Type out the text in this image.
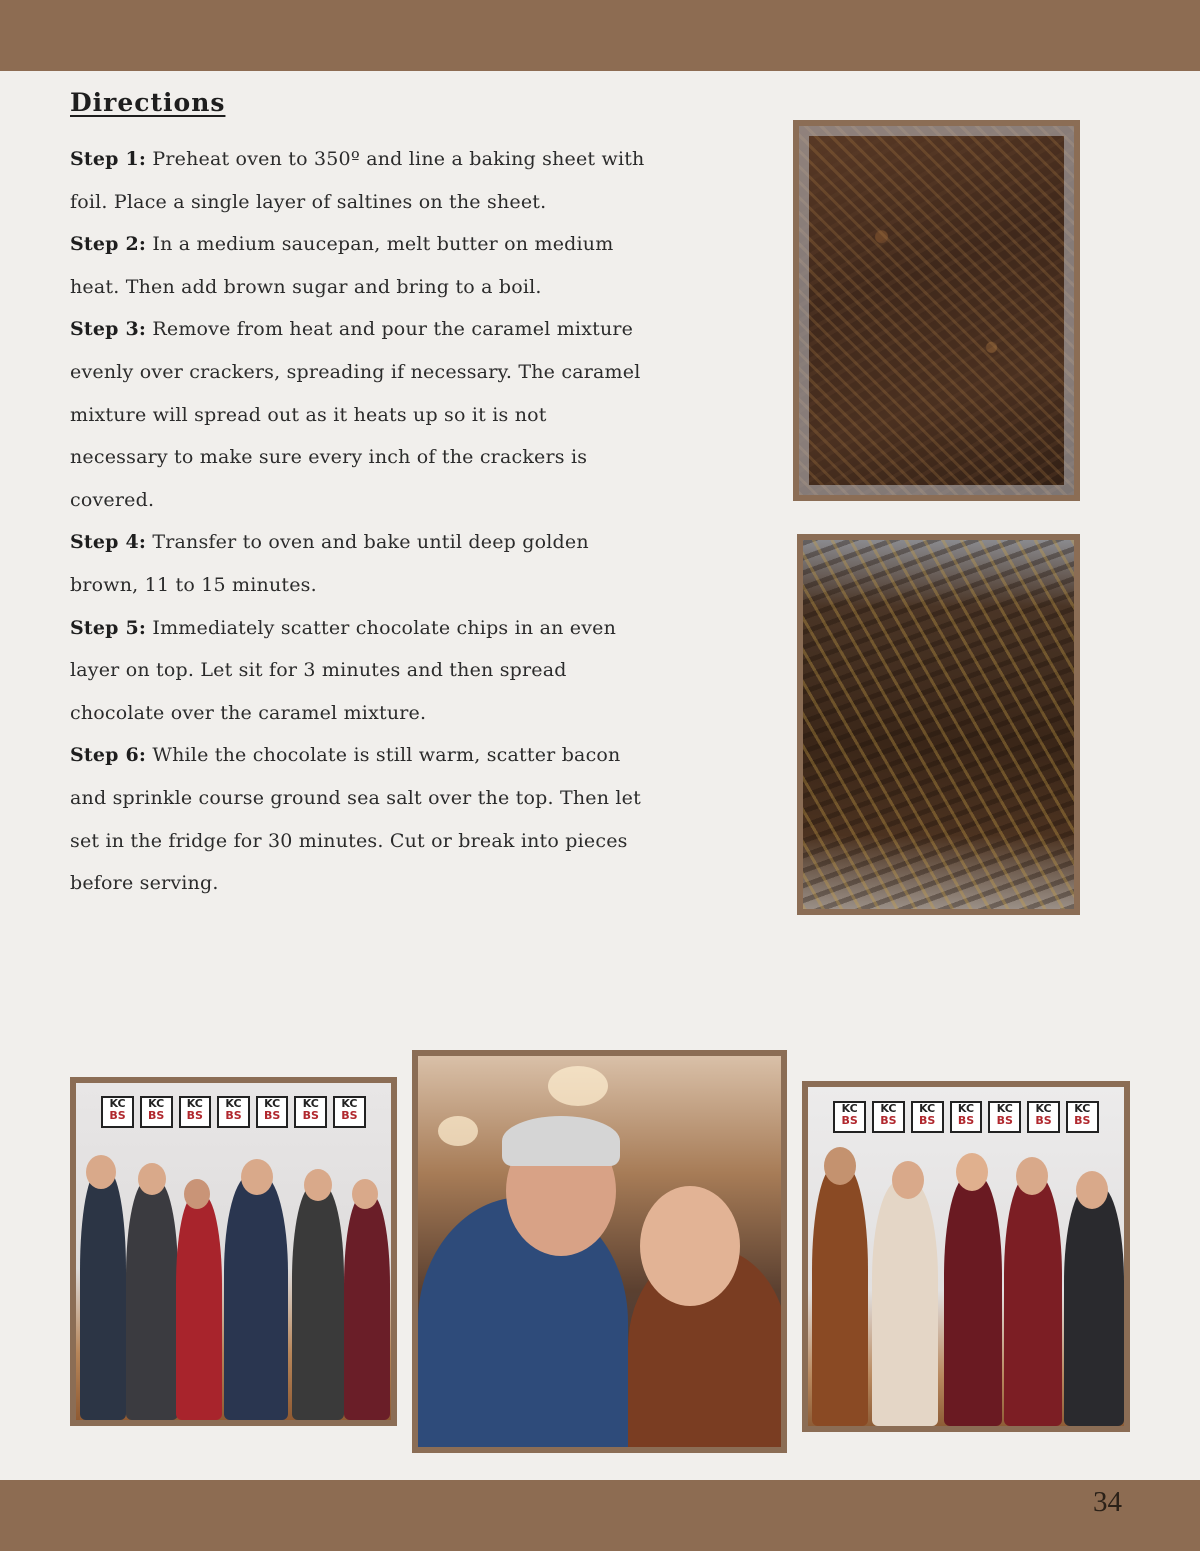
Directions
Step 1: Preheat oven to 350º and line a baking sheet with foil. Place a single layer of saltines on the sheet.
Step 2: In a medium saucepan, melt butter on medium heat. Then add brown sugar and bring to a boil.
Step 3: Remove from heat and pour the caramel mixture evenly over crackers, spreading if necessary. The caramel mixture will spread out as it heats up so it is not necessary to make sure every inch of the crackers is covered.
Step 4: Transfer to oven and bake until deep golden brown, 11 to 15 minutes.
Step 5: Immediately scatter chocolate chips in an even layer on top. Let sit for 3 minutes and then spread chocolate over the caramel mixture.
Step 6: While the chocolate is still warm, scatter bacon and sprinkle course ground sea salt over the top. Then let set in the fridge for 30 minutes. Cut or break into pieces before serving.
KC
BS
KC
BS
KC
BS
KC
BS
KC
BS
KC
BS
KC
BS
KC
BS
KC
BS
KC
BS
KC
BS
KC
BS
KC
BS
KC
BS
34
